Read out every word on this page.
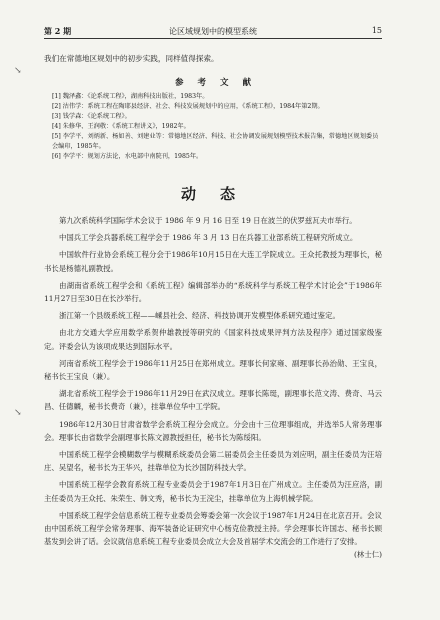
第 2 期	论区域规划中的模型系统	15

我们在常德地区规划中的初步实践，同样值得探索。

参考文献

[1] 魏泽鑫：《论系统工程》，湖南科技出版社，1983年。

[2] 沽伟学：系统工程在陶耶县经济、社会、科技发展规划中的应用，《系统工程》，1984年第2期。

[3] 钱学森：《论系统工程》。

[4] 朱修华、王润敬：《系统工程讲义》，1982年。

[5] 李学平、刘炳新、杨如善、刘建业等：常德地区经济、科技、社会协调发展规划模型技术报告集，常德地区规划委员会编印，1985年。

[6] 李学平：规划方法论，水电部中南院刊，1985年。

动态

第九次系统科学国际学术会议于 1986 年 9 月 16 日至 19 日在波兰的伏罗兹瓦夫市举行。

中国兵工学会兵器系统工程学会于 1986 年 3 月 13 日在兵器工业部系统工程研究所成立。

中国软件行业协会系统工程分会于1986年10月15日在大连工学院成立。王众托教授为理事长，秘书长是杨德礼副教授。

由湖南省系统工程学会和《系统工程》编辑部举办的“系统科学与系统工程学术讨论会”于1986年11月27日至30日在长沙举行。

浙江第一个县级系统工程——嵊县社会、经济、科技协调开发模型体系研究通过鉴定。

由北方交通大学应用数学系贺仲雄教授等研究的《国家科技成果评判方法及程序》通过国家级鉴定。评委会认为该项成果达到国际水平。

河南省系统工程学会于1986年11月25日在郑州成立。理事长何家雍、副理事长孙治勋、王宝良，秘书长王宝良（兼）。

湖北省系统工程学会于1986年11月29日在武汉成立。理事长陈珽，副理事长范文涛、费奇、马云昌、任德麟，秘书长费奇（兼），挂靠单位华中工学院。

1986年12月30日甘肃省数学会系统工程分会成立。分会由十三位理事组成，并选举5人常务理事会。理事长由省数学会副理事长陈文源教授担任，秘书长为陈绥阳。

中国系统工程学会模糊数学与模糊系统委员会第二届委员会主任委员为刘应明，副主任委员为汪培庄、吴望名，秘书长为王华兴，挂靠单位为长沙国防科技大学。

中国系统工程学会教育系统工程专业委员会于1987年1月3日在广州成立。主任委员为汪应洛，副主任委员为王众托、朱荣生、韩文秀，秘书长为王浣尘，挂靠单位为上海机械学院。

中国系统工程学会信息系统工程专业委员会筹委会第一次会议于1987年1月24日在北京召开。会议由中国系统工程学会常务理事、海军装备论证研究中心杨克俭教授主持。学会理事长许国志、秘书长顾基发到会讲了话。会议就信息系统工程专业委员会成立大会及首届学术交流会的工作进行了安排。
(林士仁)

↘
↘
